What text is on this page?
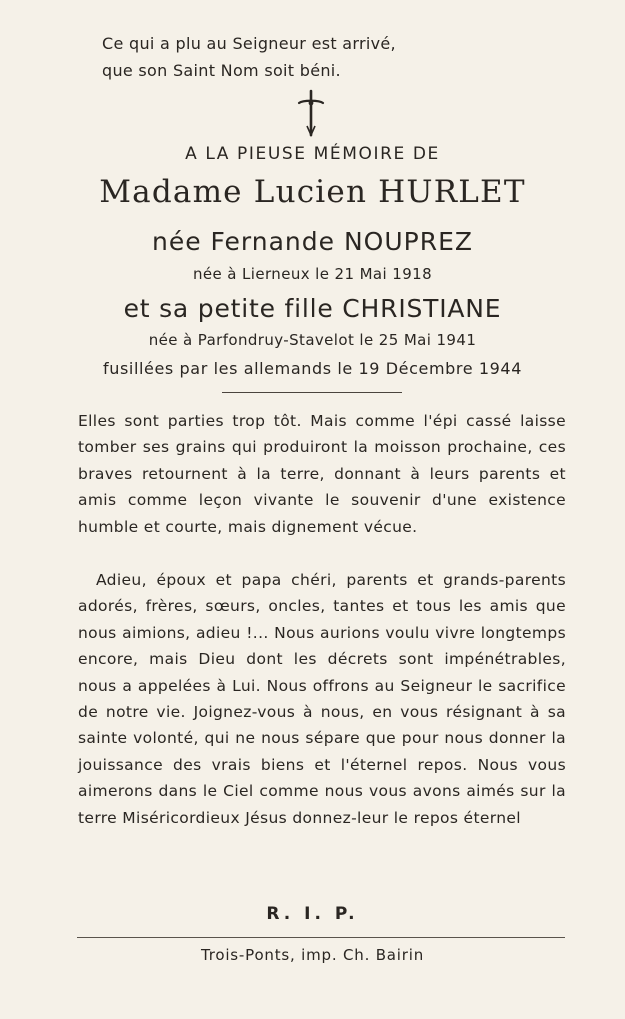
Ce qui a plu au Seigneur est arrivé,
que son Saint Nom soit béni.
A LA PIEUSE MÉMOIRE DE
Madame Lucien HURLET
née Fernande NOUPREZ
née à Lierneux le 21 Mai 1918
et sa petite fille CHRISTIANE
née à Parfondruy-Stavelot le 25 Mai 1941
fusillées par les allemands le 19 Décembre 1944

Elles sont parties trop tôt. Mais comme l'épi cassé laisse tomber ses grains qui produiront la moisson prochaine, ces braves retournent à la terre, donnant à leurs parents et amis comme leçon vivante le souvenir d'une existence humble et courte, mais dignement vécue.

Adieu, époux et papa chéri, parents et grands-parents adorés, frères, sœurs, oncles, tantes et tous les amis que nous aimions, adieu !... Nous aurions voulu vivre longtemps encore, mais Dieu dont les décrets sont impénétrables, nous a appelées à Lui. Nous offrons au Seigneur le sacrifice de notre vie. Joignez-vous à nous, en vous résignant à sa sainte volonté, qui ne nous sépare que pour nous donner la jouissance des vrais biens et l'éternel repos. Nous vous aimerons dans le Ciel comme nous vous avons aimés sur la terre Miséricordieux Jésus donnez-leur le repos éternel

R. I. P.
Trois-Ponts, imp. Ch. Bairin
